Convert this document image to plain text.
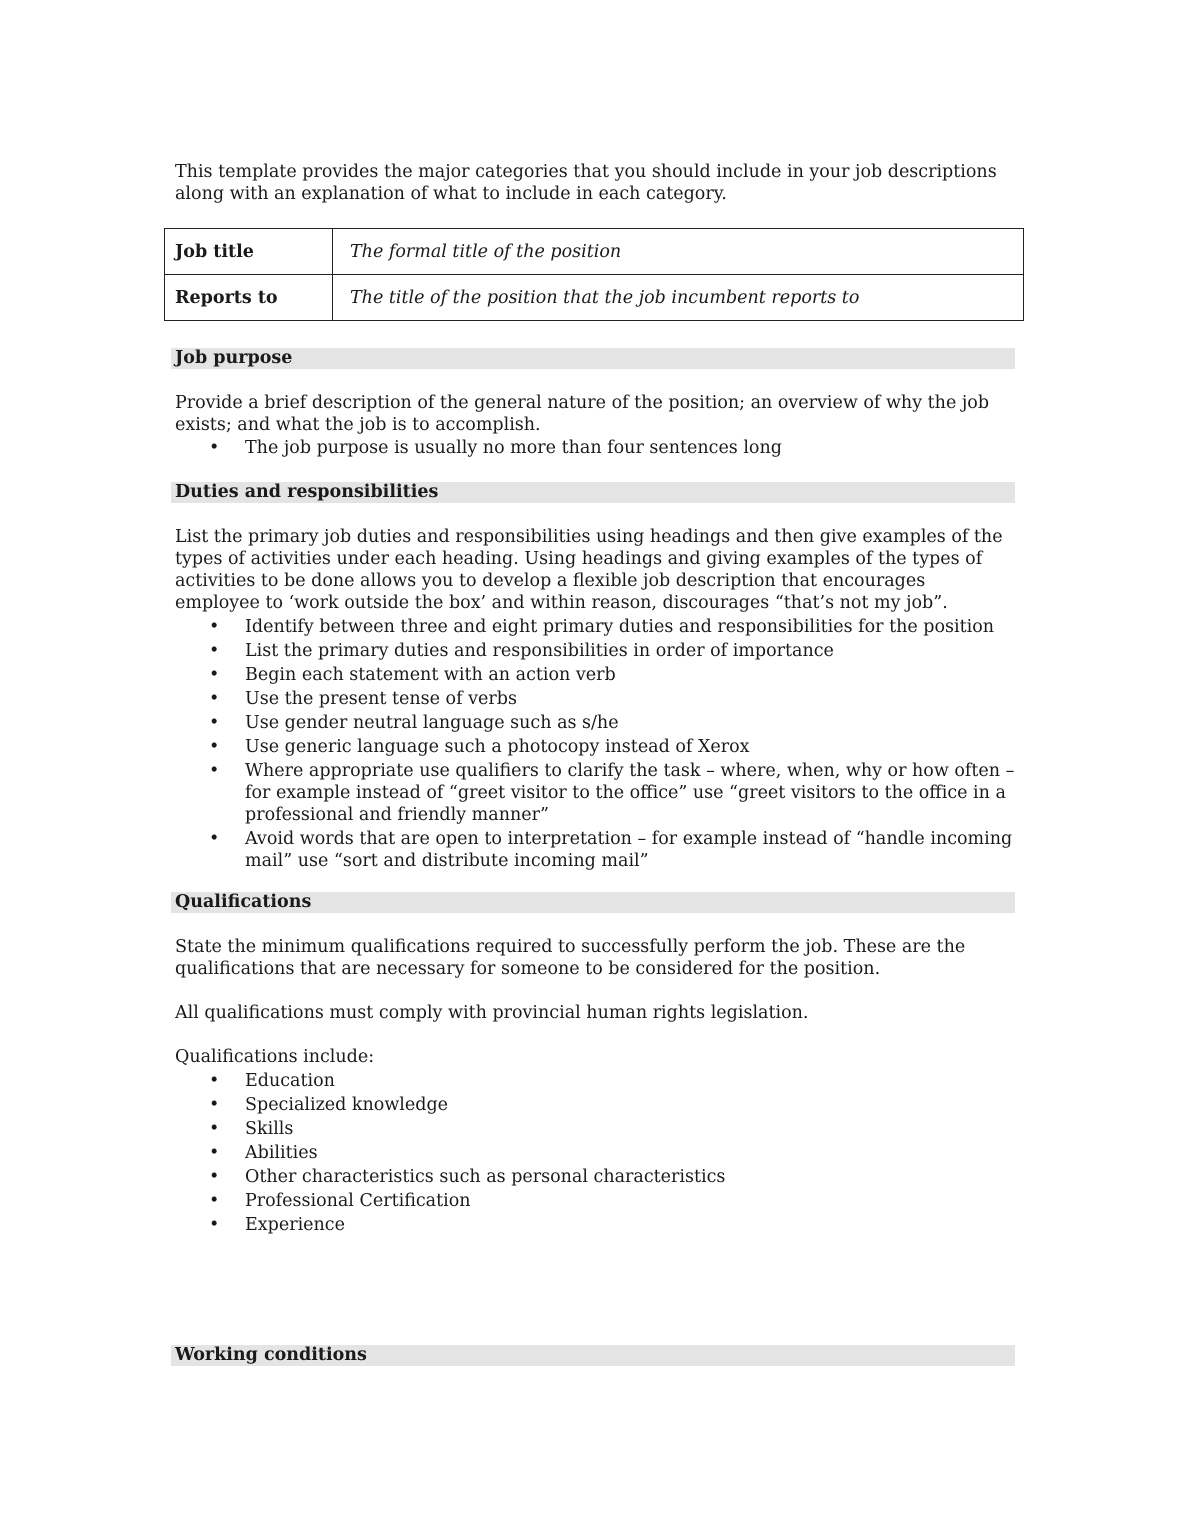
This template provides the major categories that you should include in your job descriptions along with an explanation of what to include in each category.

Job title	The formal title of the position
Reports to	The title of the position that the job incumbent reports to
Job purpose

Provide a brief description of the general nature of the position; an overview of why the job exists; and what the job is to accomplish.

• The job purpose is usually no more than four sentences long
Duties and responsibilities

List the primary job duties and responsibilities using headings and then give examples of the types of activities under each heading. Using headings and giving examples of the types of activities to be done allows you to develop a flexible job description that encourages employee to ‘work outside the box’ and within reason, discourages “that’s not my job”.

• Identify between three and eight primary duties and responsibilities for the position
• List the primary duties and responsibilities in order of importance
• Begin each statement with an action verb
• Use the present tense of verbs
• Use gender neutral language such as s/he
• Use generic language such a photocopy instead of Xerox
• Where appropriate use qualifiers to clarify the task – where, when, why or how often – for example instead of “greet visitor to the office” use “greet visitors to the office in a professional and friendly manner”
• Avoid words that are open to interpretation – for example instead of “handle incoming mail” use “sort and distribute incoming mail”
Qualifications

State the minimum qualifications required to successfully perform the job. These are the qualifications that are necessary for someone to be considered for the position.

All qualifications must comply with provincial human rights legislation.

Qualifications include:

• Education
• Specialized knowledge
• Skills
• Abilities
• Other characteristics such as personal characteristics
• Professional Certification
• Experience
Working conditions
